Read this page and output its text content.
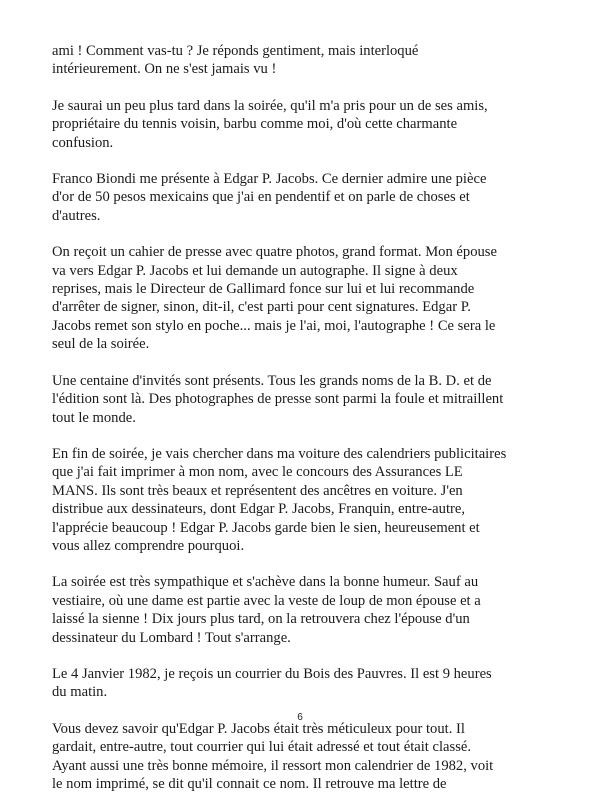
ami ! Comment vas-tu ? Je réponds gentiment, mais interloqué
intérieurement. On ne s'est jamais vu !

Je saurai un peu plus tard dans la soirée, qu'il m'a pris pour un de ses amis,
propriétaire du tennis voisin, barbu comme moi, d'où cette charmante
confusion.

Franco Biondi me présente à Edgar P. Jacobs. Ce dernier admire une pièce
d'or de 50 pesos mexicains que j'ai en pendentif et on parle de choses et
d'autres.

On reçoit un cahier de presse avec quatre photos, grand format. Mon épouse
va vers Edgar P. Jacobs et lui demande un autographe. Il signe à deux
reprises, mais le Directeur de Gallimard fonce sur lui et lui recommande
d'arrêter de signer, sinon, dit-il, c'est parti pour cent signatures. Edgar P.
Jacobs remet son stylo en poche... mais je l'ai, moi, l'autographe ! Ce sera le
seul de la soirée.

Une centaine d'invités sont présents. Tous les grands noms de la B. D. et de
l'édition sont là. Des photographes de presse sont parmi la foule et mitraillent
tout le monde.

En fin de soirée, je vais chercher dans ma voiture des calendriers publicitaires
que j'ai fait imprimer à mon nom, avec le concours des Assurances LE
MANS. Ils sont très beaux et représentent des ancêtres en voiture. J'en
distribue aux dessinateurs, dont Edgar P. Jacobs, Franquin, entre-autre,
l'apprécie beaucoup ! Edgar P. Jacobs garde bien le sien, heureusement et
vous allez comprendre pourquoi.

La soirée est très sympathique et s'achève dans la bonne humeur. Sauf au
vestiaire, où une dame est partie avec la veste de loup de mon épouse et a
laissé la sienne ! Dix jours plus tard, on la retrouvera chez l'épouse d'un
dessinateur du Lombard ! Tout s'arrange.

Le 4 Janvier 1982, je reçois un courrier du Bois des Pauvres. Il est 9 heures
du matin.

Vous devez savoir qu'Edgar P. Jacobs était très méticuleux pour tout. Il
gardait, entre-autre, tout courrier qui lui était adressé et tout était classé.
Ayant aussi une très bonne mémoire, il ressort mon calendrier de 1982, voit
le nom imprimé, se dit qu'il connait ce nom. Il retrouve ma lettre de

6
